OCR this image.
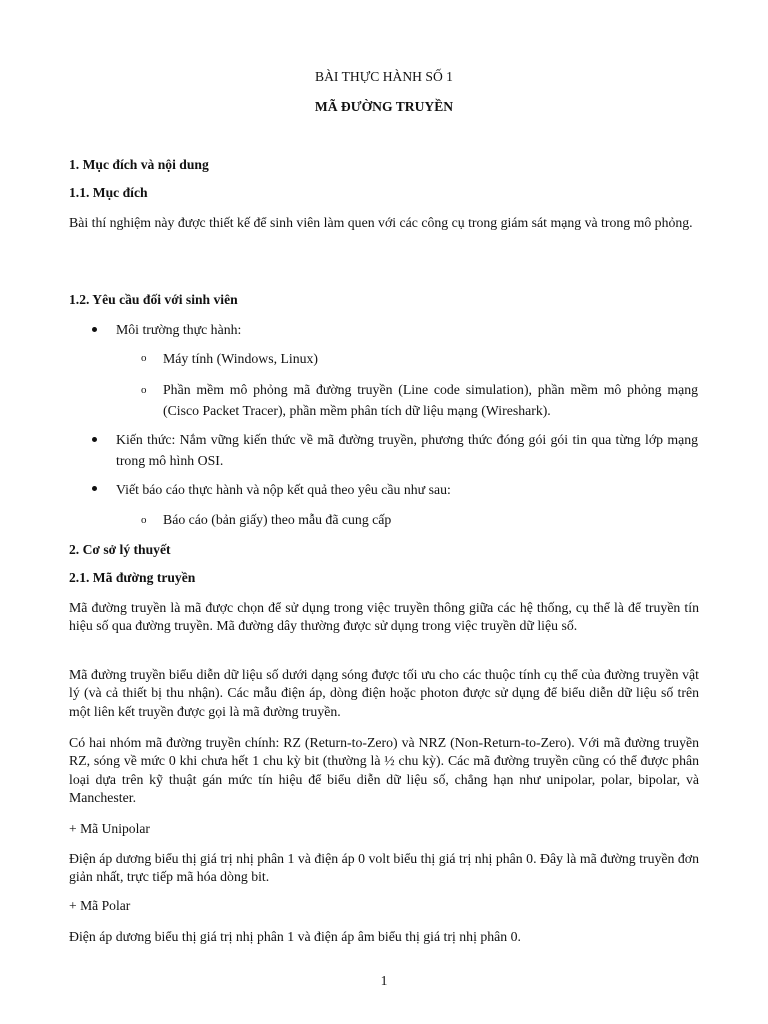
BÀI THỰC HÀNH SỐ 1
MÃ ĐƯỜNG TRUYỀN
1. Mục đích và nội dung
1.1. Mục đích
Bài thí nghiệm này được thiết kế để sinh viên làm quen với các công cụ trong giám sát mạng và trong mô phỏng.
1.2. Yêu cầu đối với sinh viên
Môi trường thực hành:
o Máy tính (Windows, Linux)
o Phần mềm mô phỏng mã đường truyền (Line code simulation), phần mềm mô phỏng mạng (Cisco Packet Tracer), phần mềm phân tích dữ liệu mạng (Wireshark).
Kiến thức: Nắm vững kiến thức về mã đường truyền, phương thức đóng gói gói tin qua từng lớp mạng trong mô hình OSI.
Viết báo cáo thực hành và nộp kết quả theo yêu cầu như sau:
o Báo cáo (bản giấy) theo mẫu đã cung cấp
2. Cơ sở lý thuyết
2.1. Mã đường truyền
Mã đường truyền là mã được chọn để sử dụng trong việc truyền thông giữa các hệ thống, cụ thể là để truyền tín hiệu số qua đường truyền. Mã đường dây thường được sử dụng trong việc truyền dữ liệu số.
Mã đường truyền biểu diễn dữ liệu số dưới dạng sóng được tối ưu cho các thuộc tính cụ thể của đường truyền vật lý (và cả thiết bị thu nhận). Các mẫu điện áp, dòng điện hoặc photon được sử dụng để biểu diễn dữ liệu số trên một liên kết truyền được gọi là mã đường truyền.
Có hai nhóm mã đường truyền chính: RZ (Return-to-Zero) và NRZ (Non-Return-to-Zero). Với mã đường truyền RZ, sóng về mức 0 khi chưa hết 1 chu kỳ bit (thường là ½ chu kỳ). Các mã đường truyền cũng có thể được phân loại dựa trên kỹ thuật gán mức tín hiệu để biểu diễn dữ liệu số, chẳng hạn như unipolar, polar, bipolar, và Manchester.
+ Mã Unipolar
Điện áp dương biểu thị giá trị nhị phân 1 và điện áp 0 volt biểu thị giá trị nhị phân 0. Đây là mã đường truyền đơn giản nhất, trực tiếp mã hóa dòng bit.
+ Mã Polar
Điện áp dương biểu thị giá trị nhị phân 1 và điện áp âm biểu thị giá trị nhị phân 0.
1
